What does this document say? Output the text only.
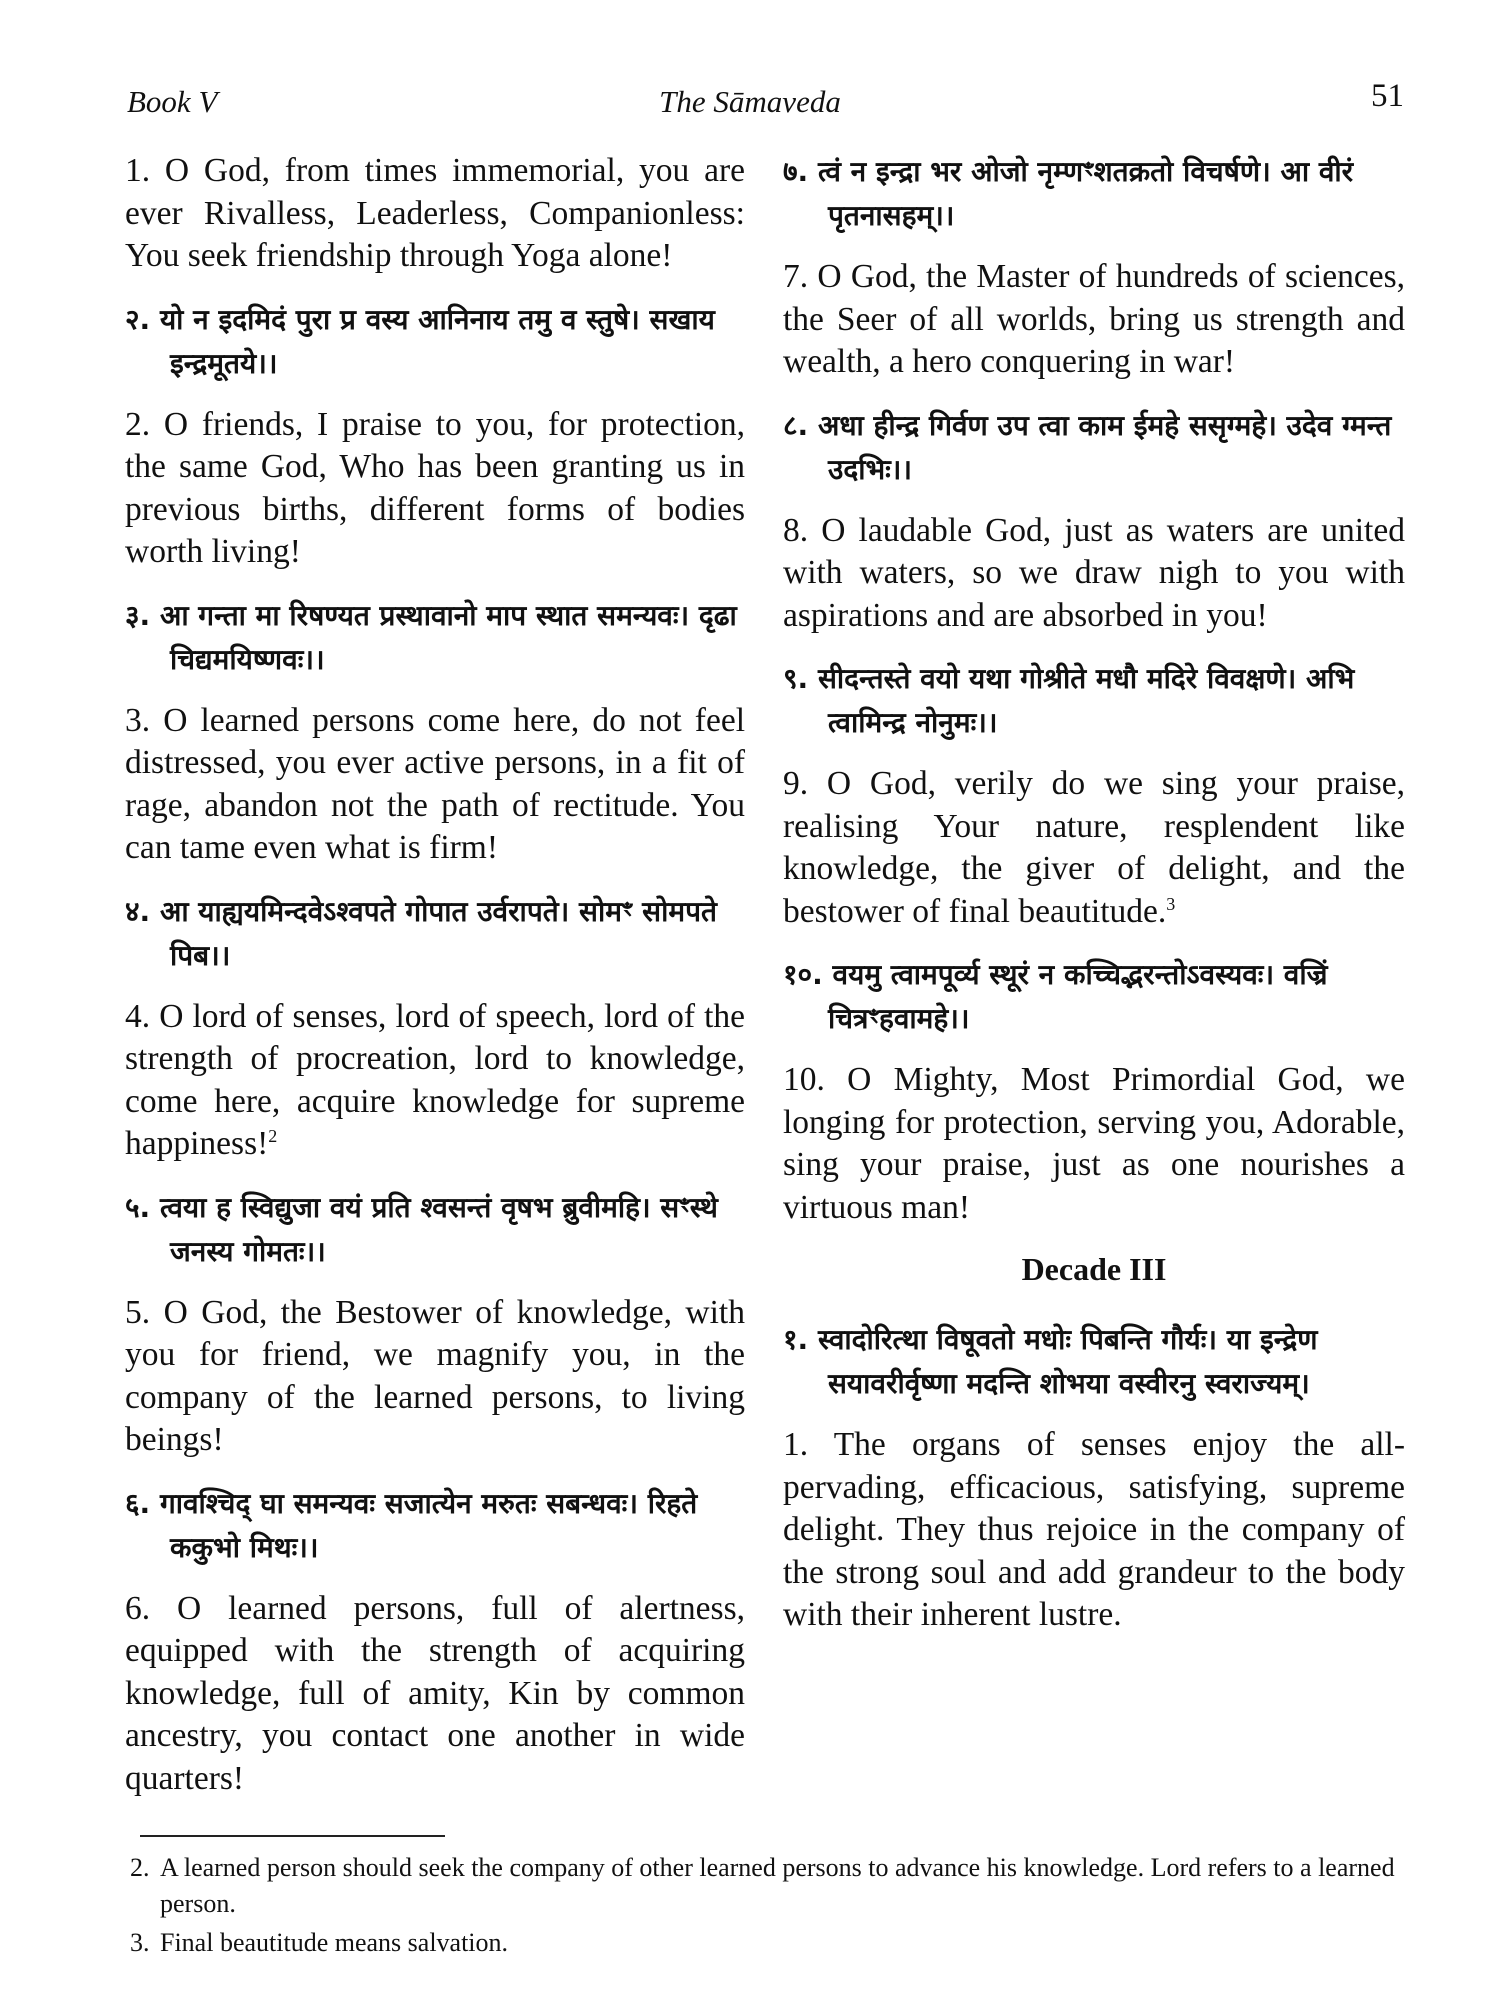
Book V	The Sāmaveda	51

1. O God, from times immemorial, you are ever Rivalless, Leaderless, Companionless: You seek friendship through Yoga alone!

२. यो न इदमिदं पुरा प्र वस्य आनिनाय तमु व स्तुषे। सखाय इन्द्रमूतये।।

2. O friends, I praise to you, for protection, the same God, Who has been granting us in previous births, different forms of bodies worth living!

३. आ गन्ता मा रिषण्यत प्रस्थावानो माप स्थात समन्यवः। दृढा चिद्यमयिष्णवः।।

3. O learned persons come here, do not feel distressed, you ever active persons, in a fit of rage, abandon not the path of rectitude. You can tame even what is firm!

४. आ याह्ययमिन्दवेऽश्वपते गोपात उर्वरापते। सोमꣳ सोमपते पिब।।

4. O lord of senses, lord of speech, lord of the strength of procreation, lord to knowledge, come here, acquire knowledge for supreme happiness!$^2$

५. त्वया ह स्विद्युजा वयं प्रति श्वसन्तं वृषभ ब्रुवीमहि। सꣳस्थे जनस्य गोमतः।।

5. O God, the Bestower of knowledge, with you for friend, we magnify you, in the company of the learned persons, to living beings!

६. गावश्चिद् घा समन्यवः सजात्येन मरुतः सबन्धवः। रिहते ककुभो मिथः।।

6. O learned persons, full of alertness, equipped with the strength of acquiring knowledge, full of amity, Kin by common ancestry, you contact one another in wide quarters!

७. त्वं न इन्द्रा भर ओजो नृम्णꣳशतक्रतो विचर्षणे। आ वीरं पृतनासहम्।।

7. O God, the Master of hundreds of sciences, the Seer of all worlds, bring us strength and wealth, a hero conquering in war!

८. अधा हीन्द्र गिर्वण उप त्वा काम ईमहे ससृग्महे। उदेव ग्मन्त उदभिः।।

8. O laudable God, just as waters are united with waters, so we draw nigh to you with aspirations and are absorbed in you!

९. सीदन्तस्ते वयो यथा गोश्रीते मधौ मदिरे विवक्षणे। अभि त्वामिन्द्र नोनुमः।।

9. O God, verily do we sing your praise, realising Your nature, resplendent like knowledge, the giver of delight, and the bestower of final beautitude.$^3$

१०. वयमु त्वामपूर्व्य स्थूरं न कच्चिद्भरन्तोऽवस्यवः। वज्रिं चित्रꣳहवामहे।।

10. O Mighty, Most Primordial God, we longing for protection, serving you, Adorable, sing your praise, just as one nourishes a virtuous man!

Decade III

१. स्वादोरित्था विषूवतो मधोः पिबन्ति गौर्यः। या इन्द्रेण सयावरीर्वृष्णा मदन्ति शोभया वस्वीरनु स्वराज्यम्।

1. The organs of senses enjoy the all-pervading, efficacious, satisfying, supreme delight. They thus rejoice in the company of the strong soul and add grandeur to the body with their inherent lustre.

2. A learned person should seek the company of other learned persons to advance his knowledge. Lord refers to a learned person.
3. Final beautitude means salvation.
